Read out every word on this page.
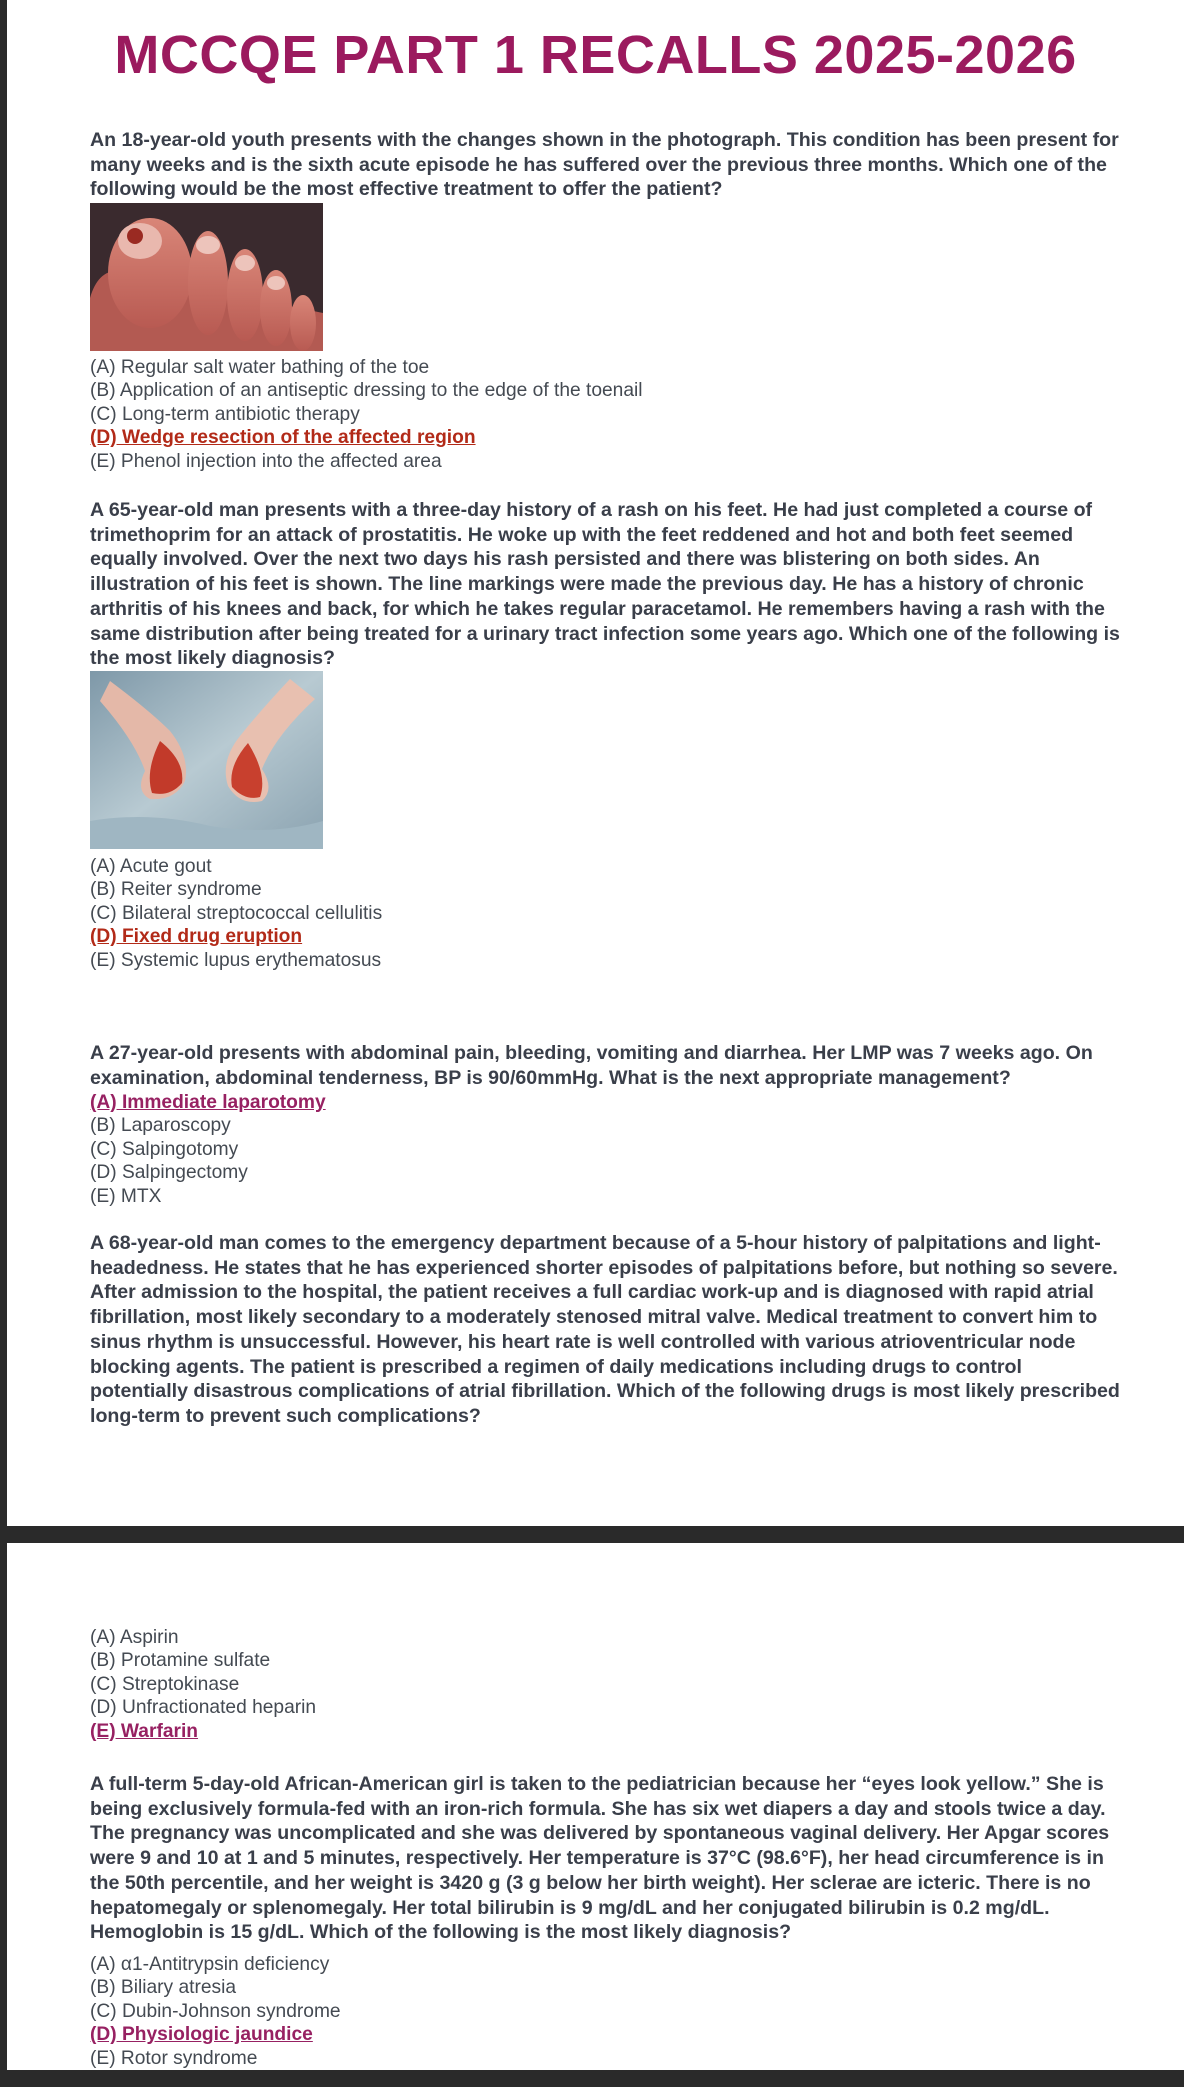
MCCQE PART 1 RECALLS 2025-2026

An 18-year-old youth presents with the changes shown in the photograph. This condition has been present for many weeks and is the sixth acute episode he has suffered over the previous three months. Which one of the following would be the most effective treatment to offer the patient?

(A) Regular salt water bathing of the toe
(B) Application of an antiseptic dressing to the edge of the toenail
(C) Long-term antibiotic therapy
(D) Wedge resection of the affected region
(E) Phenol injection into the affected area

A 65-year-old man presents with a three-day history of a rash on his feet. He had just completed a course of trimethoprim for an attack of prostatitis. He woke up with the feet reddened and hot and both feet seemed equally involved. Over the next two days his rash persisted and there was blistering on both sides. An illustration of his feet is shown. The line markings were made the previous day. He has a history of chronic arthritis of his knees and back, for which he takes regular paracetamol. He remembers having a rash with the same distribution after being treated for a urinary tract infection some years ago. Which one of the following is the most likely diagnosis?

(A) Acute gout
(B) Reiter syndrome
(C) Bilateral streptococcal cellulitis
(D) Fixed drug eruption
(E) Systemic lupus erythematosus

A 27-year-old presents with abdominal pain, bleeding, vomiting and diarrhea. Her LMP was 7 weeks ago. On examination, abdominal tenderness, BP is 90/60mmHg. What is the next appropriate management?

(A) Immediate laparotomy
(B) Laparoscopy
(C) Salpingotomy
(D) Salpingectomy
(E) MTX

A 68-year-old man comes to the emergency department because of a 5-hour history of palpitations and light-headedness. He states that he has experienced shorter episodes of palpitations before, but nothing so severe. After admission to the hospital, the patient receives a full cardiac work-up and is diagnosed with rapid atrial fibrillation, most likely secondary to a moderately stenosed mitral valve. Medical treatment to convert him to sinus rhythm is unsuccessful. However, his heart rate is well controlled with various atrioventricular node blocking agents. The patient is prescribed a regimen of daily medications including drugs to control potentially disastrous complications of atrial fibrillation. Which of the following drugs is most likely prescribed long-term to prevent such complications?

(A) Aspirin
(B) Protamine sulfate
(C) Streptokinase
(D) Unfractionated heparin
(E) Warfarin

A full-term 5-day-old African-American girl is taken to the pediatrician because her “eyes look yellow.” She is being exclusively formula-fed with an iron-rich formula. She has six wet diapers a day and stools twice a day. The pregnancy was uncomplicated and she was delivered by spontaneous vaginal delivery. Her Apgar scores were 9 and 10 at 1 and 5 minutes, respectively. Her temperature is 37°C (98.6°F), her head circumference is in the 50th percentile, and her weight is 3420 g (3 g below her birth weight). Her sclerae are icteric. There is no hepatomegaly or splenomegaly. Her total bilirubin is 9 mg/dL and her conjugated bilirubin is 0.2 mg/dL. Hemoglobin is 15 g/dL. Which of the following is the most likely diagnosis?

(A) α1-Antitrypsin deficiency
(B) Biliary atresia
(C) Dubin-Johnson syndrome
(D) Physiologic jaundice
(E) Rotor syndrome
